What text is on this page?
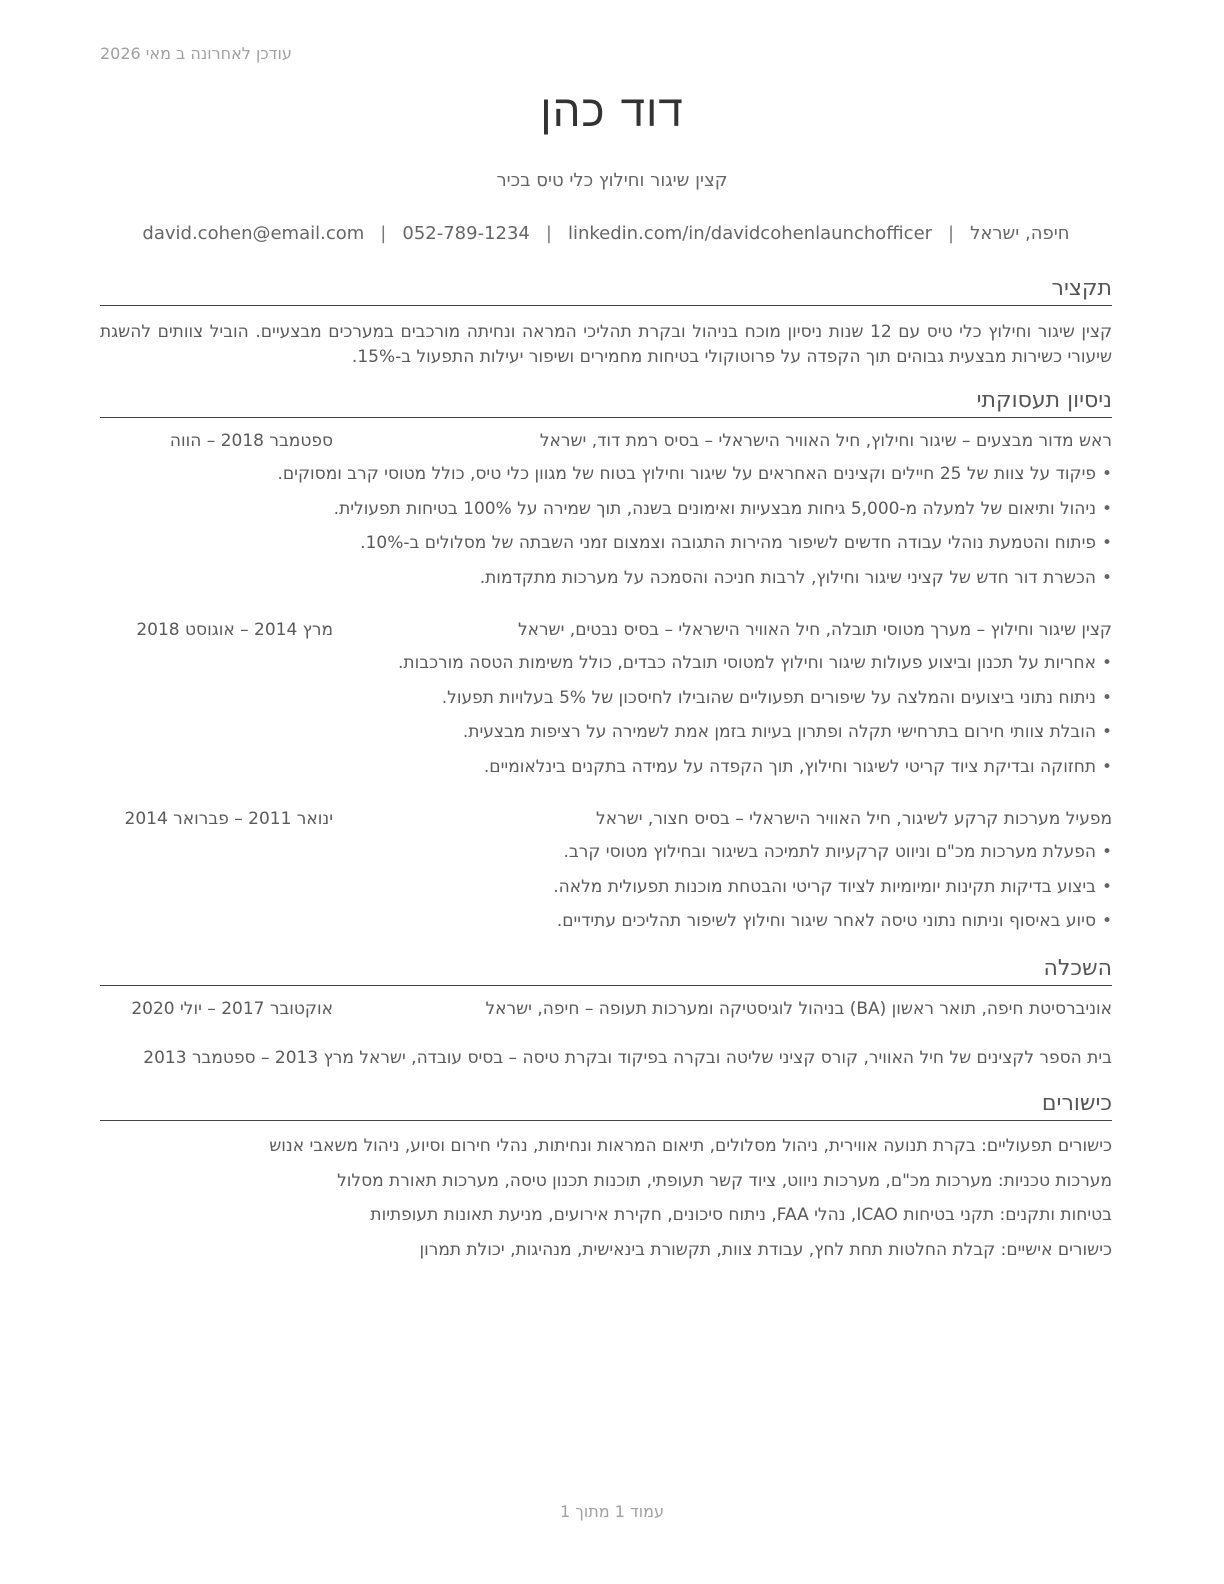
עודכן לאחרונה ב מאי 2026
דוד כהן
קצין שיגור וחילוץ כלי טיס בכיר
חיפה, ישראל|david.cohen@email.com | 052-789-1234 | linkedin.com/in/davidcohenlaunchofficer
תקציר
קצין שיגור וחילוץ כלי טיס עם 12 שנות ניסיון מוכח בניהול ובקרת תהליכי המראה ונחיתה מורכבים במערכים מבצעיים. הוביל צוותים להשגת שיעורי כשירות מבצעית גבוהים תוך הקפדה על פרוטוקולי בטיחות מחמירים ושיפור יעילות התפעול ב-15%.
ניסיון תעסוקתי
ראש מדור מבצעים – שיגור וחילוץ, חיל האוויר הישראלי – בסיס רמת דוד, ישראל
ספטמבר 2018 – הווה
• פיקוד על צוות של 25 חיילים וקצינים האחראים על שיגור וחילוץ בטוח של מגוון כלי טיס, כולל מטוסי קרב ומסוקים.
• ניהול ותיאום של למעלה מ-5,000 גיחות מבצעיות ואימונים בשנה, תוך שמירה על 100% בטיחות תפעולית.
• פיתוח והטמעת נוהלי עבודה חדשים לשיפור מהירות התגובה וצמצום זמני השבתה של מסלולים ב-10%.
• הכשרת דור חדש של קציני שיגור וחילוץ, לרבות חניכה והסמכה על מערכות מתקדמות.
קצין שיגור וחילוץ – מערך מטוסי תובלה, חיל האוויר הישראלי – בסיס נבטים, ישראל
מרץ 2014 – אוגוסט 2018
• אחריות על תכנון וביצוע פעולות שיגור וחילוץ למטוסי תובלה כבדים, כולל משימות הטסה מורכבות.
• ניתוח נתוני ביצועים והמלצה על שיפורים תפעוליים שהובילו לחיסכון של 5% בעלויות תפעול.
• הובלת צוותי חירום בתרחישי תקלה ופתרון בעיות בזמן אמת לשמירה על רציפות מבצעית.
• תחזוקה ובדיקת ציוד קריטי לשיגור וחילוץ, תוך הקפדה על עמידה בתקנים בינלאומיים.
מפעיל מערכות קרקע לשיגור, חיל האוויר הישראלי – בסיס חצור, ישראל
ינואר 2011 – פברואר 2014
• הפעלת מערכות מכ"ם וניווט קרקעיות לתמיכה בשיגור ובחילוץ מטוסי קרב.
• ביצוע בדיקות תקינות יומיומיות לציוד קריטי והבטחת מוכנות תפעולית מלאה.
• סיוע באיסוף וניתוח נתוני טיסה לאחר שיגור וחילוץ לשיפור תהליכים עתידיים.
השכלה
אוניברסיטת חיפה, תואר ראשון (BA) בניהול לוגיסטיקה ומערכות תעופה – חיפה, ישראל
אוקטובר 2017 – יולי 2020
בית הספר לקצינים של חיל האוויר, קורס קציני שליטה ובקרה בפיקוד ובקרת טיסה – בסיס עובדה, ישראל מרץ 2013 – ספטמבר 2013
כישורים
כישורים תפעוליים: בקרת תנועה אווירית, ניהול מסלולים, תיאום המראות ונחיתות, נהלי חירום וסיוע, ניהול משאבי אנוש
מערכות טכניות: מערכות מכ"ם, מערכות ניווט, ציוד קשר תעופתי, תוכנות תכנון טיסה, מערכות תאורת מסלול
בטיחות ותקנים: תקני בטיחות ICAO, נהלי FAA, ניתוח סיכונים, חקירת אירועים, מניעת תאונות תעופתיות
כישורים אישיים: קבלת החלטות תחת לחץ, עבודת צוות, תקשורת בינאישית, מנהיגות, יכולת תמרון
עמוד 1 מתוך 1
